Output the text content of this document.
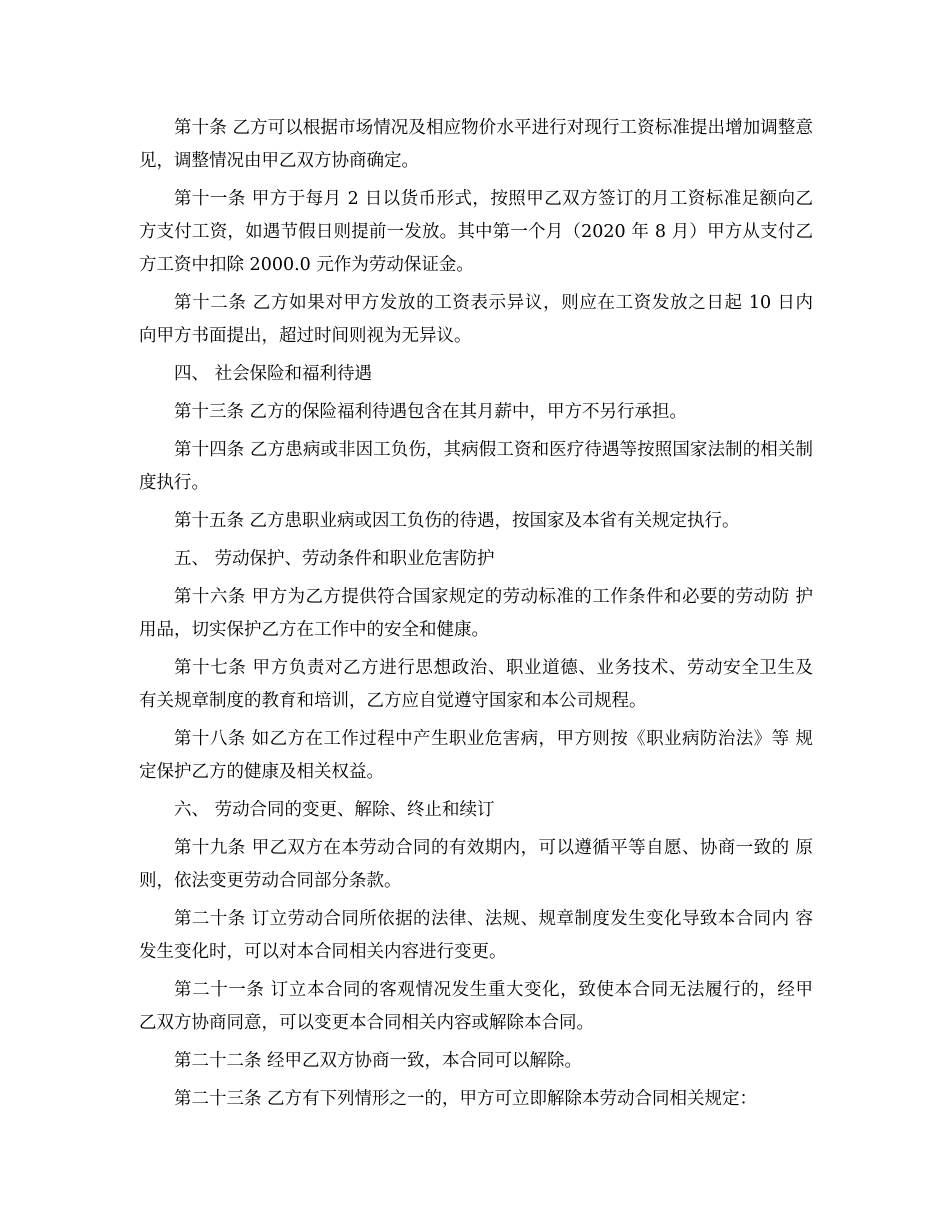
第十条 乙方可以根据市场情况及相应物价水平进行对现行工资标准提出增加调整意见，调整情况由甲乙双方协商确定。

第十一条 甲方于每月 2 日以货币形式，按照甲乙双方签订的月工资标准足额向乙方支付工资，如遇节假日则提前一发放。其中第一个月（2020 年 8 月）甲方从支付乙方工资中扣除 2000.0 元作为劳动保证金。

第十二条 乙方如果对甲方发放的工资表示异议，则应在工资发放之日起 10 日内 向甲方书面提出，超过时间则视为无异议。

四、 社会保险和福利待遇

第十三条 乙方的保险福利待遇包含在其月薪中，甲方不另行承担。

第十四条 乙方患病或非因工负伤，其病假工资和医疗待遇等按照国家法制的相关制度执行。

第十五条 乙方患职业病或因工负伤的待遇，按国家及本省有关规定执行。

五、 劳动保护、劳动条件和职业危害防护

第十六条 甲方为乙方提供符合国家规定的劳动标准的工作条件和必要的劳动防 护用品，切实保护乙方在工作中的安全和健康。

第十七条 甲方负责对乙方进行思想政治、职业道德、业务技术、劳动安全卫生及 有关规章制度的教育和培训，乙方应自觉遵守国家和本公司规程。

第十八条 如乙方在工作过程中产生职业危害病，甲方则按《职业病防治法》等 规定保护乙方的健康及相关权益。

六、 劳动合同的变更、解除、终止和续订

第十九条 甲乙双方在本劳动合同的有效期内，可以遵循平等自愿、协商一致的 原则，依法变更劳动合同部分条款。

第二十条 订立劳动合同所依据的法律、法规、规章制度发生变化导致本合同内 容发生变化时，可以对本合同相关内容进行变更。

第二十一条 订立本合同的客观情况发生重大变化，致使本合同无法履行的，经甲 乙双方协商同意，可以变更本合同相关内容或解除本合同。

第二十二条 经甲乙双方协商一致，本合同可以解除。

第二十三条 乙方有下列情形之一的，甲方可立即解除本劳动合同相关规定：
